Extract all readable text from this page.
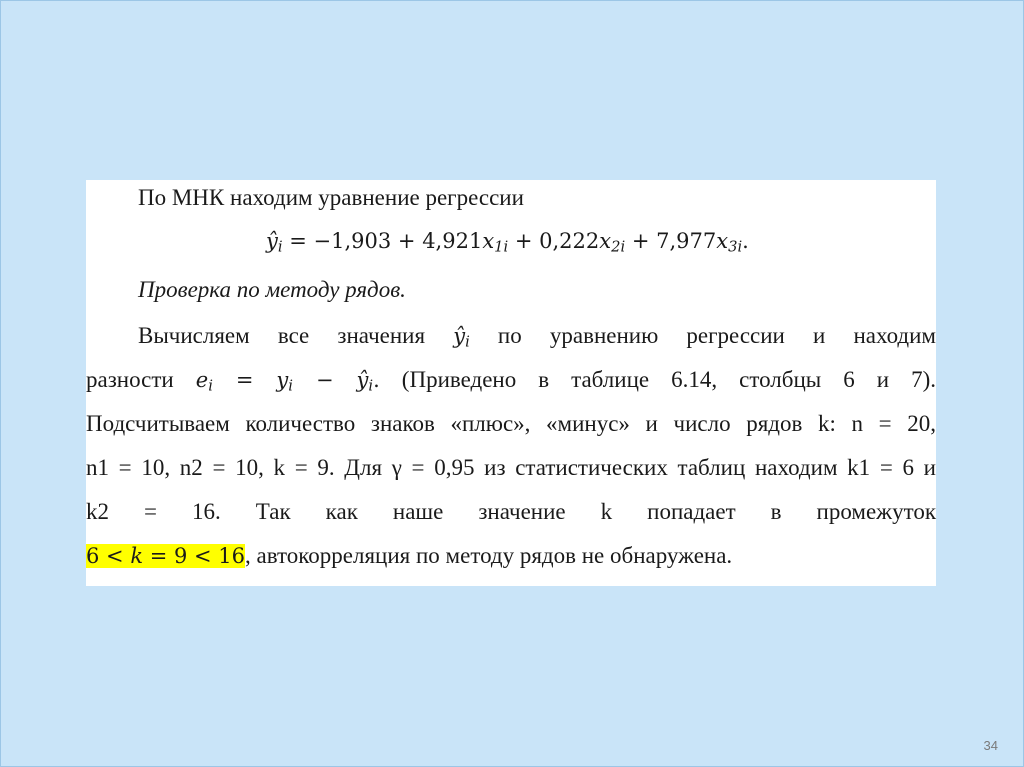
По МНК находим уравнение регрессии
$ŷ_i = -1,903 + 4,921x_{1i} + 0,222x_{2i} + 7,977x_{3i}$.
Проверка по методу рядов.
Вычисляем все значения $ŷ_i$ по уравнению регрессии и находим
разности $e_i = y_i$ − $ŷ_i$. (Приведено в таблице 6.14, столбцы 6 и 7).
Подсчитываем количество знаков «плюс», «минус» и число рядов k: n = 20,
n1 = 10, n2 = 10, k = 9. Для γ = 0,95 из статистических таблиц находим k1 = 6 и
k2 = 16. Так как наше значение k попадает в промежуток
6 < k = 9 < 16, автокорреляция по методу рядов не обнаружена.
34
